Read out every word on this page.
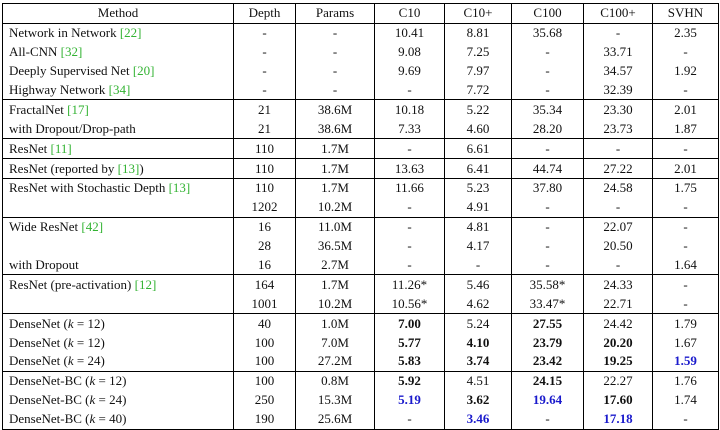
Method	Depth	Params	C10	C10+	C100	C100+	SVHN
Network in Network [22]	-	-	10.41	8.81	35.68	-	2.35
All-CNN [32]	-	-	9.08	7.25	-	33.71	-
Deeply Supervised Net [20]	-	-	9.69	7.97	-	34.57	1.92
Highway Network [34]	-	-	-	7.72	-	32.39	-
FractalNet [17]	21	38.6M	10.18	5.22	35.34	23.30	2.01
with Dropout/Drop-path	21	38.6M	7.33	4.60	28.20	23.73	1.87
ResNet [11]	110	1.7M	-	6.61	-	-	-
ResNet (reported by [13])	110	1.7M	13.63	6.41	44.74	27.22	2.01
ResNet with Stochastic Depth [13]	110	1.7M	11.66	5.23	37.80	24.58	1.75
	1202	10.2M	-	4.91	-	-	-
Wide ResNet [42]	16	11.0M	-	4.81	-	22.07	-
	28	36.5M	-	4.17	-	20.50	-
with Dropout	16	2.7M	-	-	-	-	1.64
ResNet (pre-activation) [12]	164	1.7M	11.26*	5.46	35.58*	24.33	-
	1001	10.2M	10.56*	4.62	33.47*	22.71	-
DenseNet (k = 12)	40	1.0M	7.00	5.24	27.55	24.42	1.79
DenseNet (k = 12)	100	7.0M	5.77	4.10	23.79	20.20	1.67
DenseNet (k = 24)	100	27.2M	5.83	3.74	23.42	19.25	1.59
DenseNet-BC (k = 12)	100	0.8M	5.92	4.51	24.15	22.27	1.76
DenseNet-BC (k = 24)	250	15.3M	5.19	3.62	19.64	17.60	1.74
DenseNet-BC (k = 40)	190	25.6M	-	3.46	-	17.18	-
